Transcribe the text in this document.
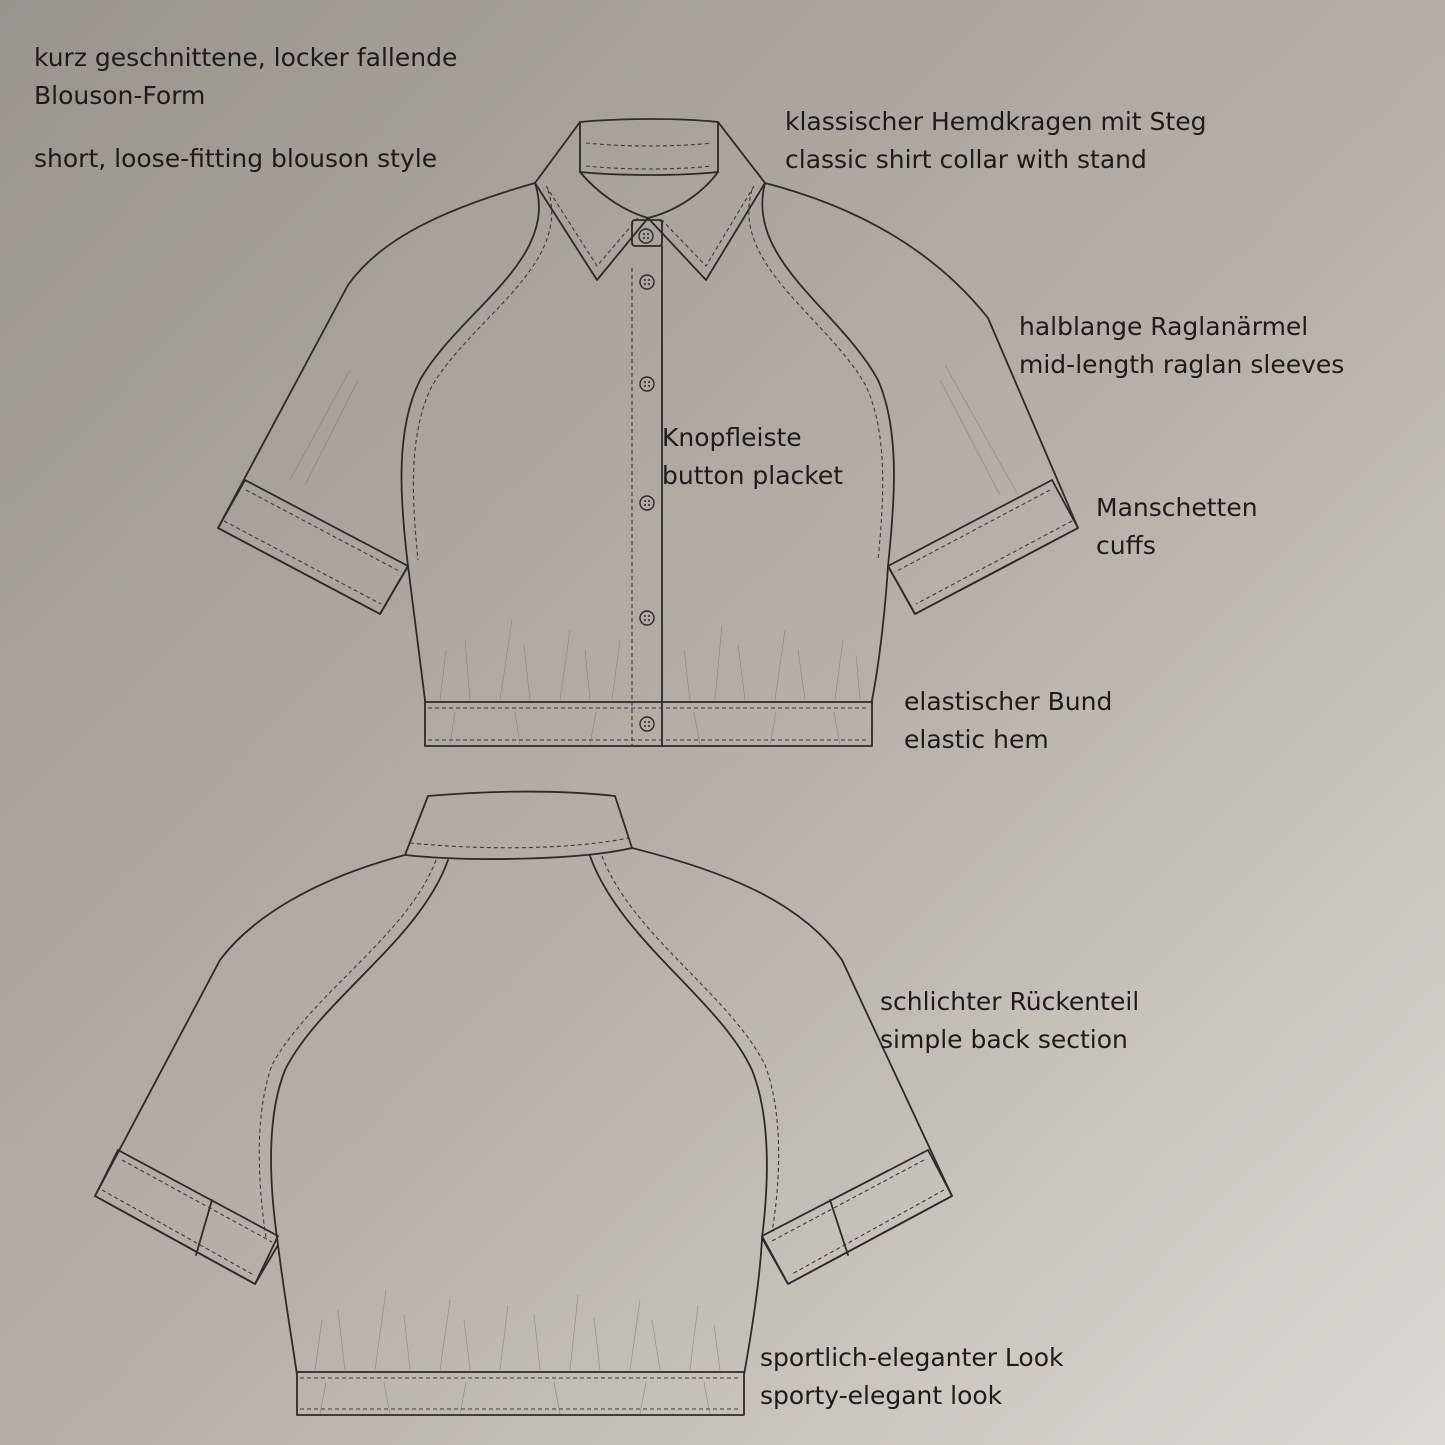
kurz geschnittene, locker fallende
Blouson-Form
short, loose-fitting blouson style
klassischer Hemdkragen mit Steg
classic shirt collar with stand
halblange Raglanärmel
mid-length raglan sleeves
Knopfleiste
button placket
Manschetten
cuffs
elastischer Bund
elastic hem
schlichter Rückenteil
simple back section
sportlich-eleganter Look
sporty-elegant look
